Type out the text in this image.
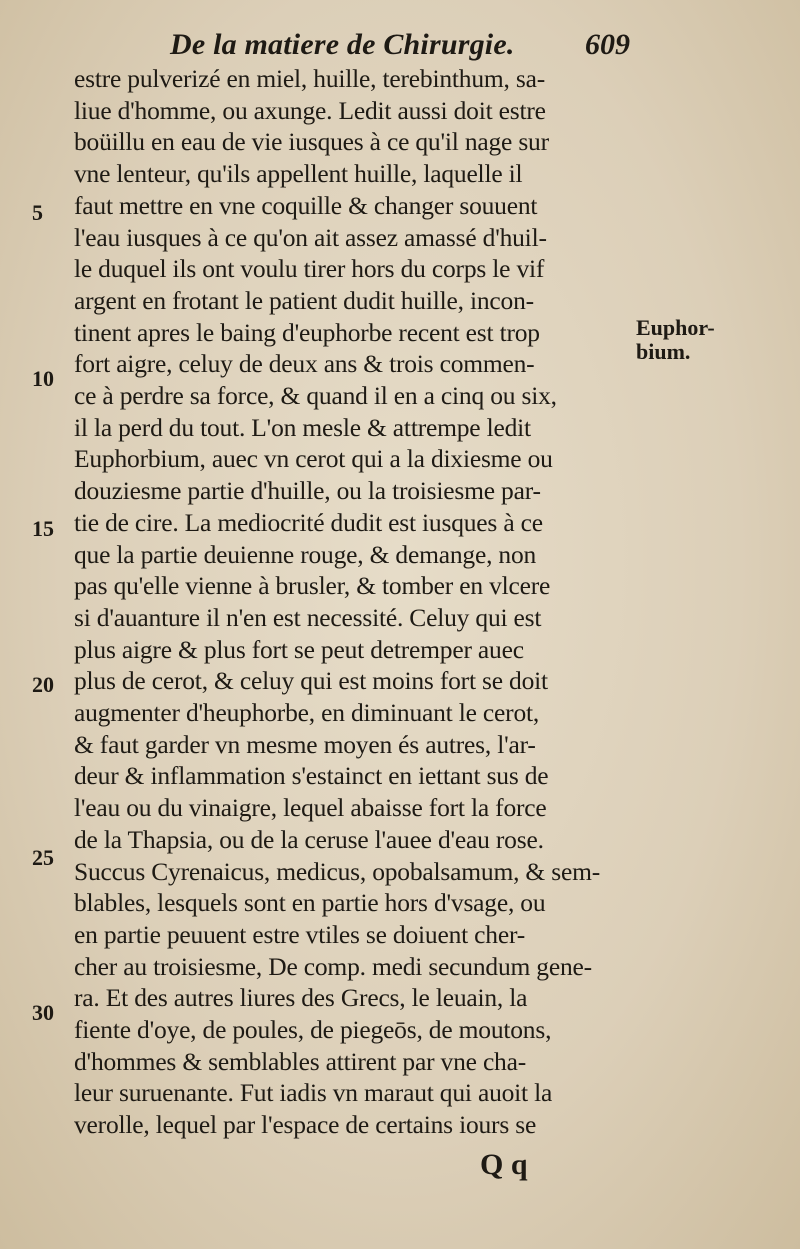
De la matiere de Chirurgie. 609
estre pulverizé en miel, huille, terebinthum, sa-
liue d'homme, ou axunge. Ledit aussi doit estre
boüillu en eau de vie iusques à ce qu'il nage sur
vne lenteur, qu'ils appellent huille, laquelle il
faut mettre en vne coquille & changer souuent
l'eau iusques à ce qu'on ait assez amassé d'huil-
le duquel ils ont voulu tirer hors du corps le vif
argent en frotant le patient dudit huille, incon-
tinent apres le baing d'euphorbe recent est trop
fort aigre, celuy de deux ans & trois commen-
ce à perdre sa force, & quand il en a cinq ou six,
il la perd du tout. L'on mesle & attrempe ledit
Euphorbium, auec vn cerot qui a la dixiesme ou
douziesme partie d'huille, ou la troisiesme par-
tie de cire. La mediocrité dudit est iusques à ce
que la partie deuienne rouge, & demange, non
pas qu'elle vienne à brusler, & tomber en vlcere
si d'auanture il n'en est necessité. Celuy qui est
plus aigre & plus fort se peut detremper auec
plus de cerot, & celuy qui est moins fort se doit
augmenter d'heuphorbe, en diminuant le cerot,
& faut garder vn mesme moyen és autres, l'ar-
deur & inflammation s'estainct en iettant sus de
l'eau ou du vinaigre, lequel abaisse fort la force
de la Thapsia, ou de la ceruse l'auee d'eau rose.
Succus Cyrenaicus, medicus, opobalsamum, & sem-
blables, lesquels sont en partie hors d'vsage, ou
en partie peuuent estre vtiles se doiuent cher-
cher au troisiesme, De comp. medi secundum gene-
ra. Et des autres liures des Grecs, le leuain, la
fiente d'oye, de poules, de piegeōs, de moutons,
d'hommes & semblables attirent par vne cha-
leur suruenante. Fut iadis vn maraut qui auoit la
verolle, lequel par l'espace de certains iours se
5
10
15
20
25
30
Euphor-
bium.
Q q
